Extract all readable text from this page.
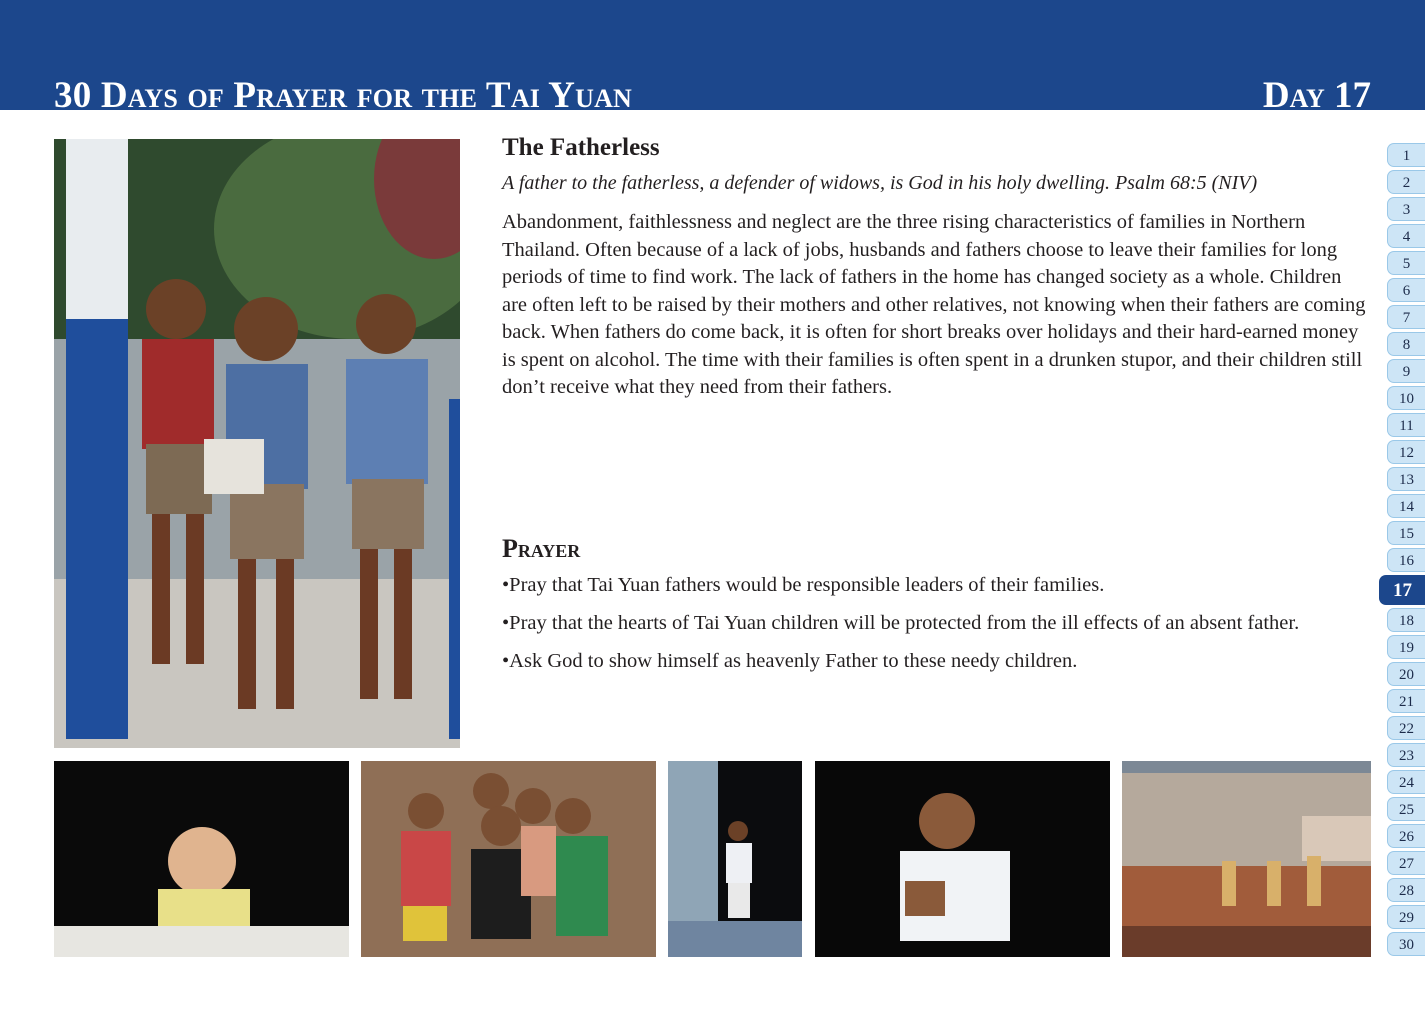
30 Days of Prayer for the Tai Yuan	Day 17
The Fatherless
A father to the fatherless, a defender of widows, is God in his holy dwelling. Psalm 68:5 (NIV)
Abandonment, faithlessness and neglect are the three rising characteristics of families in Northern Thailand. Often because of a lack of jobs, husbands and fathers choose to leave their families for long periods of time to find work. The lack of fathers in the home has changed society as a whole. Children are often left to be raised by their mothers and other relatives, not knowing when their fathers are coming back. When fathers do come back, it is often for short breaks over holidays and their hard-earned money is spent on alcohol. The time with their families is often spent in a drunken stupor, and their children still don’t receive what they need from their fathers.
Prayer
•Pray that Tai Yuan fathers would be responsible leaders of their families.
•Pray that the hearts of Tai Yuan children will be protected from the ill effects of an absent father.
•Ask God to show himself as heavenly Father to these needy children.
1
2
3
4
5
6
7
8
9
10
11
12
13
14
15
16
17
18
19
20
21
22
23
24
25
26
27
28
29
30
